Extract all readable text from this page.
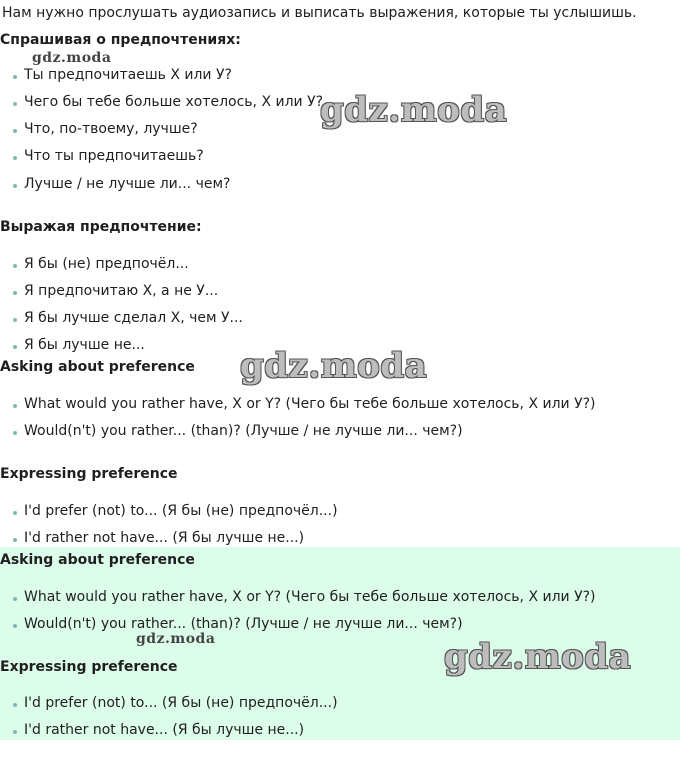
Нам нужно прослушать аудиозапись и выписать выражения, которые ты услышишь.
Спрашивая о предпочтениях:
Ты предпочитаешь X или У?
Чего бы тебе больше хотелось, X или У?
Что, по-твоему, лучше?
Что ты предпочитаешь?
Лучше / не лучше ли... чем?
Выражая предпочтение:
Я бы (не) предпочёл...
Я предпочитаю X, а не У...
Я бы лучше сделал X, чем У...
Я бы лучше не...
Asking about preference
What would you rather have, X or Y? (Чего бы тебе больше хотелось, X или У?)
Would(n't) you rather... (than)? (Лучше / не лучше ли... чем?)
Expressing preference
I'd prefer (not) to... (Я бы (не) предпочёл...)
I'd rather not have... (Я бы лучше не...)
Asking about preference
What would you rather have, X or Y? (Чего бы тебе больше хотелось, X или У?)
Would(n't) you rather... (than)? (Лучше / не лучше ли... чем?)
Expressing preference
I'd prefer (not) to... (Я бы (не) предпочёл...)
I'd rather not have... (Я бы лучше не...)
gdz.moda
gdz.moda
gdz.moda
gdz.moda	gdz.moda
